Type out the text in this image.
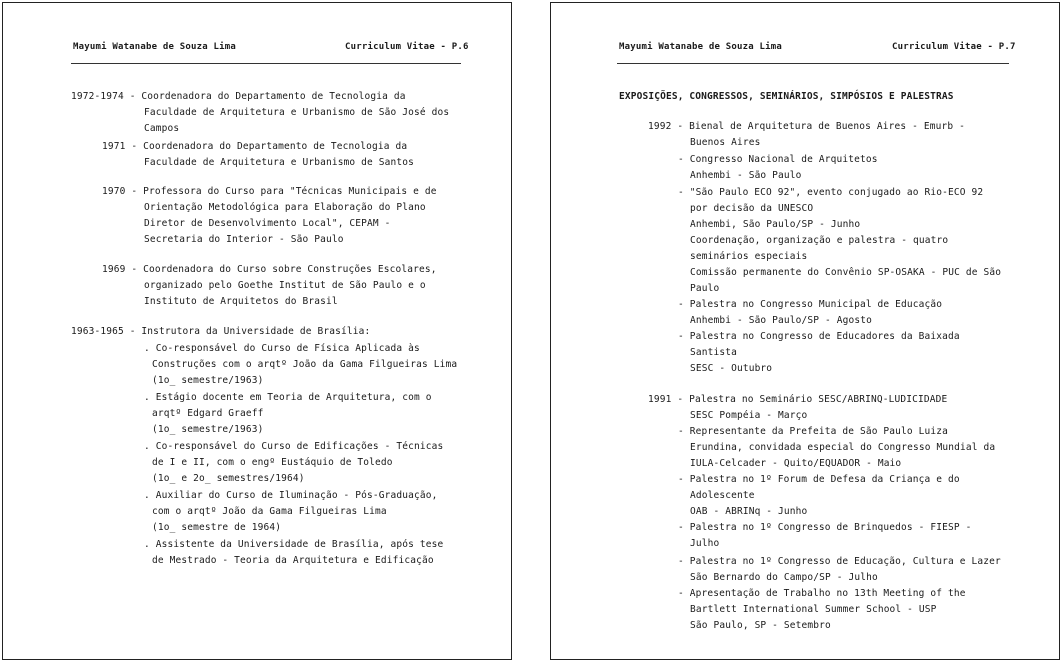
Mayumi Watanabe de Souza Lima	Curriculum Vitae - P.6
1972-1974 - Coordenadora do Departamento de Tecnologia da
Faculdade de Arquitetura e Urbanismo de São José dos
Campos
1971 - Coordenadora do Departamento de Tecnologia da
Faculdade de Arquitetura e Urbanismo de Santos
1970 - Professora do Curso para "Técnicas Municipais e de
Orientação Metodológica para Elaboração do Plano
Diretor de Desenvolvimento Local", CEPAM -
Secretaria do Interior - São Paulo
1969 - Coordenadora do Curso sobre Construções Escolares,
organizado pelo Goethe Institut de São Paulo e o
Instituto de Arquitetos do Brasil
1963-1965 - Instrutora da Universidade de Brasília:
. Co-responsável do Curso de Física Aplicada às
Construções com o arqtº João da Gama Filgueiras Lima
(1o_ semestre/1963)
. Estágio docente em Teoria de Arquitetura, com o
arqtº Edgard Graeff
(1o_ semestre/1963)
. Co-responsável do Curso de Edificações - Técnicas
de I e II, com o engº Eustáquio de Toledo
(1o_ e 2o_ semestres/1964)
. Auxiliar do Curso de Iluminação - Pós-Graduação,
com o arqtº João da Gama Filgueiras Lima
(1o_ semestre de 1964)
. Assistente da Universidade de Brasília, após tese
de Mestrado - Teoria da Arquitetura e Edificação
Mayumi Watanabe de Souza Lima	Curriculum Vitae - P.7
EXPOSIÇÕES, CONGRESSOS, SEMINÁRIOS, SIMPÓSIOS E PALESTRAS
1992 - Bienal de Arquitetura de Buenos Aires - Emurb -
Buenos Aires
- Congresso Nacional de Arquitetos
Anhembi - São Paulo
- "São Paulo ECO 92", evento conjugado ao Rio-ECO 92
por decisão da UNESCO
Anhembi, São Paulo/SP - Junho
Coordenação, organização e palestra - quatro
seminários especiais
Comissão permanente do Convênio SP-OSAKA - PUC de São
Paulo
- Palestra no Congresso Municipal de Educação
Anhembi - São Paulo/SP - Agosto
- Palestra no Congresso de Educadores da Baixada
Santista
SESC - Outubro
1991 - Palestra no Seminário SESC/ABRINQ-LUDICIDADE
SESC Pompéia - Março
- Representante da Prefeita de São Paulo Luiza
Erundina, convidada especial do Congresso Mundial da
IULA-Celcader - Quito/EQUADOR - Maio
- Palestra no 1º Forum de Defesa da Criança e do
Adolescente
OAB - ABRINq - Junho
- Palestra no 1º Congresso de Brinquedos - FIESP -
Julho
- Palestra no 1º Congresso de Educação, Cultura e Lazer
São Bernardo do Campo/SP - Julho
- Apresentação de Trabalho no 13th Meeting of the
Bartlett International Summer School - USP
São Paulo, SP - Setembro
